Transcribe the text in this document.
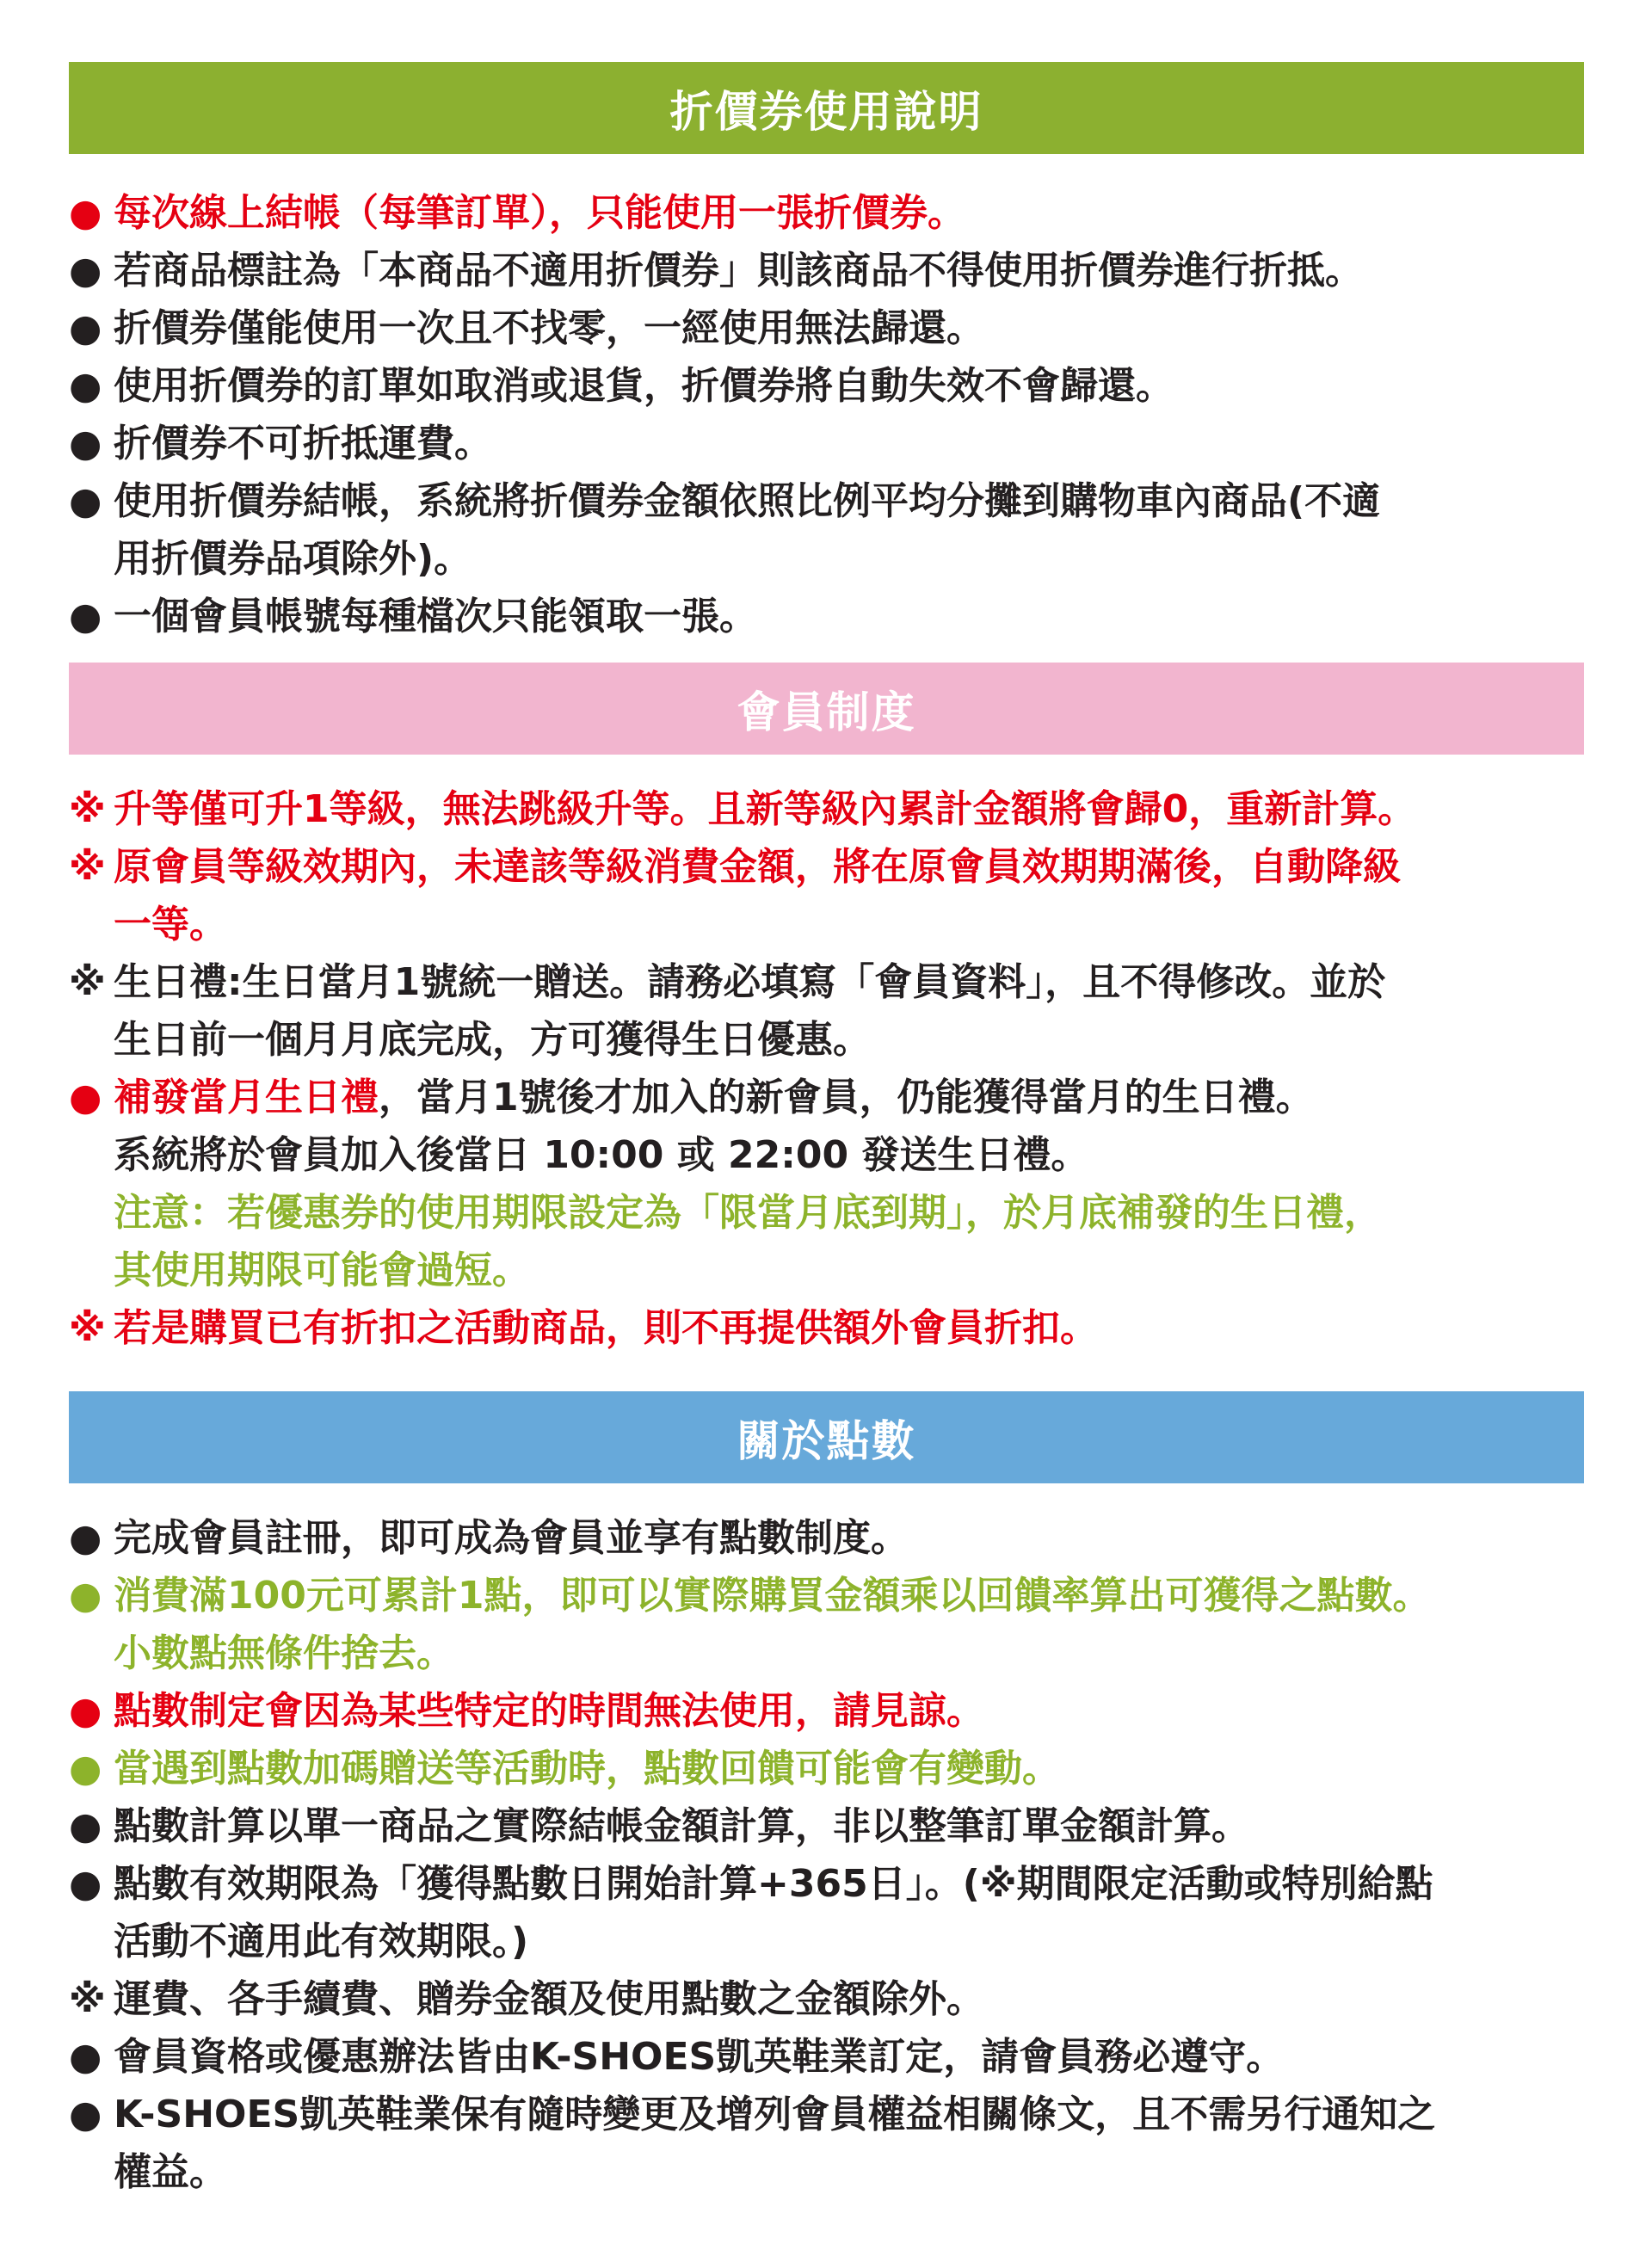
折價券使用說明
● 每次線上結帳（每筆訂單），只能使用一張折價券。
● 若商品標註為「本商品不適用折價券」則該商品不得使用折價券進行折抵。
● 折價券僅能使用一次且不找零，一經使用無法歸還。
● 使用折價券的訂單如取消或退貨，折價券將自動失效不會歸還。
● 折價券不可折抵運費。
● 使用折價券結帳，系統將折價券金額依照比例平均分攤到購物車內商品(不適
用折價券品項除外)。
● 一個會員帳號每種檔次只能領取一張。
會員制度
※ 升等僅可升1等級，無法跳級升等。且新等級內累計金額將會歸0，重新計算。
※ 原會員等級效期內，未達該等級消費金額，將在原會員效期期滿後，自動降級
一等。
※ 生日禮:生日當月1號統一贈送。請務必填寫「會員資料」，且不得修改。並於
生日前一個月月底完成，方可獲得生日優惠。
● 補發當月生日禮，當月1號後才加入的新會員，仍能獲得當月的生日禮。
系統將於會員加入後當日 10:00 或 22:00 發送生日禮。
注意：若優惠券的使用期限設定為「限當月底到期」，於月底補發的生日禮，
其使用期限可能會過短。
※ 若是購買已有折扣之活動商品，則不再提供額外會員折扣。
關於點數
● 完成會員註冊，即可成為會員並享有點數制度。
● 消費滿100元可累計1點，即可以實際購買金額乘以回饋率算出可獲得之點數。
小數點無條件捨去。
● 點數制定會因為某些特定的時間無法使用，請見諒。
● 當遇到點數加碼贈送等活動時，點數回饋可能會有變動。
● 點數計算以單一商品之實際結帳金額計算，非以整筆訂單金額計算。
● 點數有效期限為「獲得點數日開始計算+365日」。(※期間限定活動或特別給點
活動不適用此有效期限。)
※ 運費、各手續費、贈券金額及使用點數之金額除外。
● 會員資格或優惠辦法皆由K-SHOES凱英鞋業訂定，請會員務必遵守。
● K-SHOES凱英鞋業保有隨時變更及增列會員權益相關條文，且不需另行通知之
權益。
